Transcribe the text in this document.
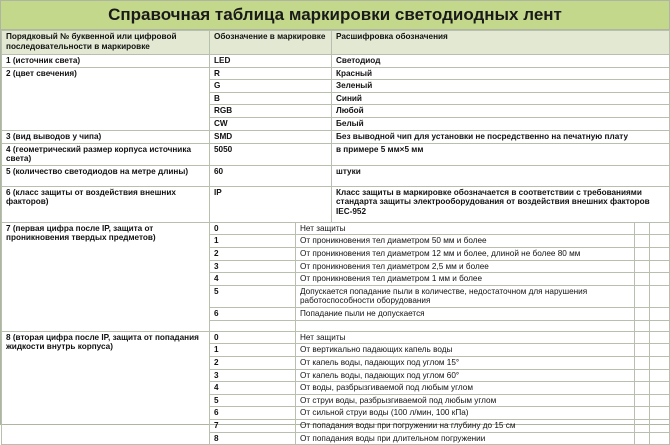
Справочная таблица маркировки светодиодных лент
Порядковый № буквенной или цифровой последовательности в маркировке	Обозначение в маркировке		Расшифровка обозначения		
1 (источник света)	LED		Светодиод		
2 (цвет свечения)	R		Красный		
	G		Зеленый		
	B		Синий		
	RGB		Любой		
	CW		Белый		
3 (вид выводов у чипа)	SMD		Без выводной чип для установки не посредственно на печатную плату		
4 (геометрический размер корпуса источника света)	5050		в примере 5 мм×5 мм		
5 (количество светодиодов на метре длины)	60		штуки		
6 (класс защиты от воздействия внешних факторов)	IP		Класс защиты в маркировке обозначается в соответствии с требованиями стандарта защиты электрооборудования от воздействия внешних факторов IEC-952		
7 (первая цифра после IP, защита от проникновения твердых предметов)	0	Нет защиты			
	1	От проникновения тел диаметром 50 мм и более			
	2	От проникновения тел диаметром 12 мм и более, длиной не более 80 мм			
	3	От проникновения тел диаметром 2,5 мм и более			
	4	От проникновения тел диаметром 1 мм и более			
	5	Допускается попадание пыли в количестве, недостаточном для нарушения работоспособности оборудования			
	6	Попадание пыли не допускается			

8 (вторая цифра после IP, защита от попадания жидкости внутрь корпуса)	0	Нет защиты			
	1	От вертикально падающих капель воды			
	2	От капель воды, падающих под углом 15°			
	3	От капель воды, падающих под углом 60°			
	4	От воды, разбрызгиваемой под любым углом			
	5	От струи воды, разбрызгиваемой под любым углом			
	6	От сильной струи воды (100 л/мин, 100 кПа)			
	7	От попадания воды при погружении на глубину до 15 см			
	8	От попадания воды при длительном погружении			
